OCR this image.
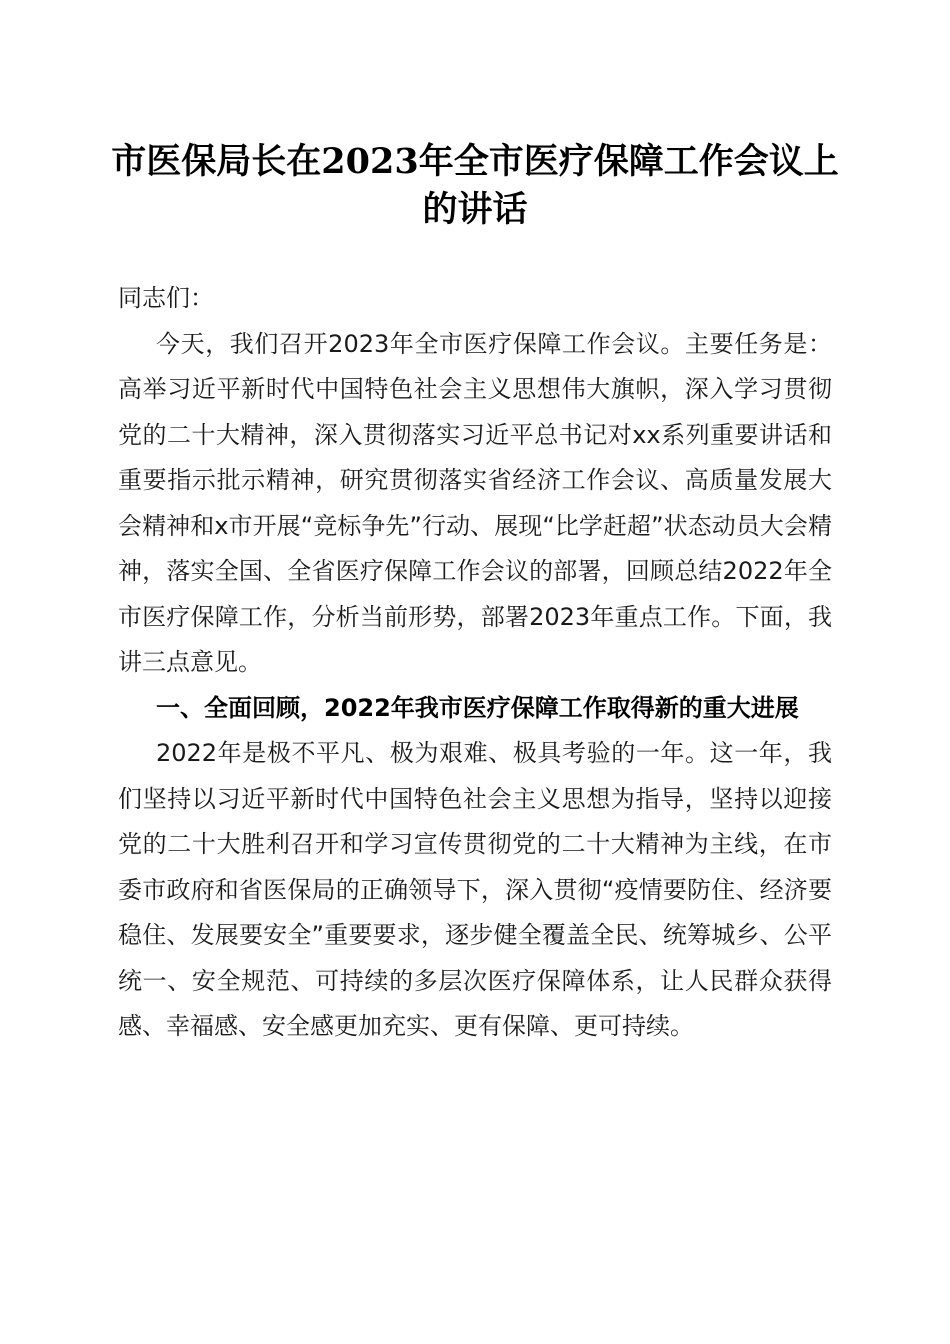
市医保局长在2023年全市医疗保障工作会议上的讲话

同志们：

今天，我们召开2023年全市医疗保障工作会议。主要任务是：高举习近平新时代中国特色社会主义思想伟大旗帜，深入学习贯彻党的二十大精神，深入贯彻落实习近平总书记对xx系列重要讲话和重要指示批示精神，研究贯彻落实省经济工作会议、高质量发展大会精神和x市开展“竞标争先”行动、展现“比学赶超”状态动员大会精神，落实全国、全省医疗保障工作会议的部署，回顾总结2022年全市医疗保障工作，分析当前形势，部署2023年重点工作。下面，我讲三点意见。

一、全面回顾，2022年我市医疗保障工作取得新的重大进展

2022年是极不平凡、极为艰难、极具考验的一年。这一年，我们坚持以习近平新时代中国特色社会主义思想为指导，坚持以迎接党的二十大胜利召开和学习宣传贯彻党的二十大精神为主线，在市委市政府和省医保局的正确领导下，深入贯彻“疫情要防住、经济要稳住、发展要安全”重要要求，逐步健全覆盖全民、统筹城乡、公平统一、安全规范、可持续的多层次医疗保障体系，让人民群众获得感、幸福感、安全感更加充实、更有保障、更可持续。
